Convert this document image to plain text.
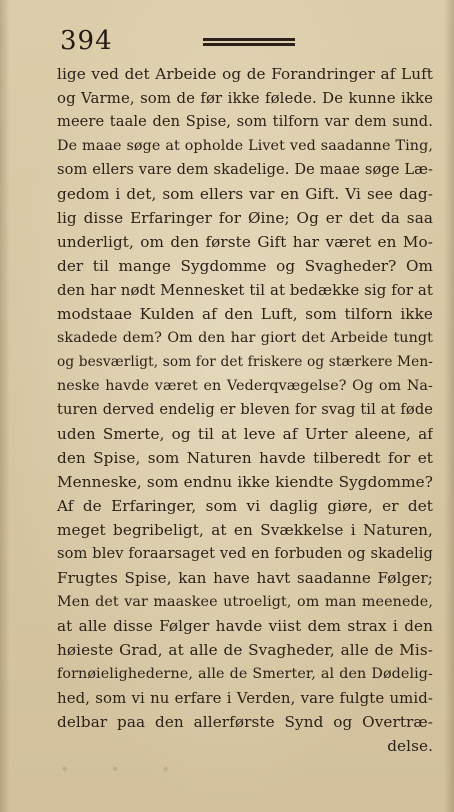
394
lige ved det Arbeide og de Forandringer af Luft
og Varme, som de før ikke følede. De kunne ikke
meere taale den Spise, som tilforn var dem sund.
De maae søge at opholde Livet ved saadanne Ting,
som ellers vare dem skadelige. De maae søge Læ-
gedom i det, som ellers var en Gift. Vi see dag-
lig disse Erfaringer for Øine; Og er det da saa
underligt, om den første Gift har været en Mo-
der til mange Sygdomme og Svagheder? Om
den har nødt Mennesket til at bedække sig for at
modstaae Kulden af den Luft, som tilforn ikke
skadede dem? Om den har giort det Arbeide tungt
og besværligt, som for det friskere og stærkere Men-
neske havde været en Vederqvægelse? Og om Na-
turen derved endelig er bleven for svag til at føde
uden Smerte, og til at leve af Urter aleene, af
den Spise, som Naturen havde tilberedt for et
Menneske, som endnu ikke kiendte Sygdomme?
Af de Erfaringer, som vi daglig giøre, er det
meget begribeligt, at en Svækkelse i Naturen,
som blev foraarsaget ved en forbuden og skadelig
Frugtes Spise, kan have havt saadanne Følger;
Men det var maaskee utroeligt, om man meenede,
at alle disse Følger havde viist dem strax i den
høieste Grad, at alle de Svagheder, alle de Mis-
fornøielighederne, alle de Smerter, al den Dødelig-
hed, som vi nu erfare i Verden, vare fulgte umid-
delbar paa den allerførste Synd og Overtræ-
delse.
• • •
